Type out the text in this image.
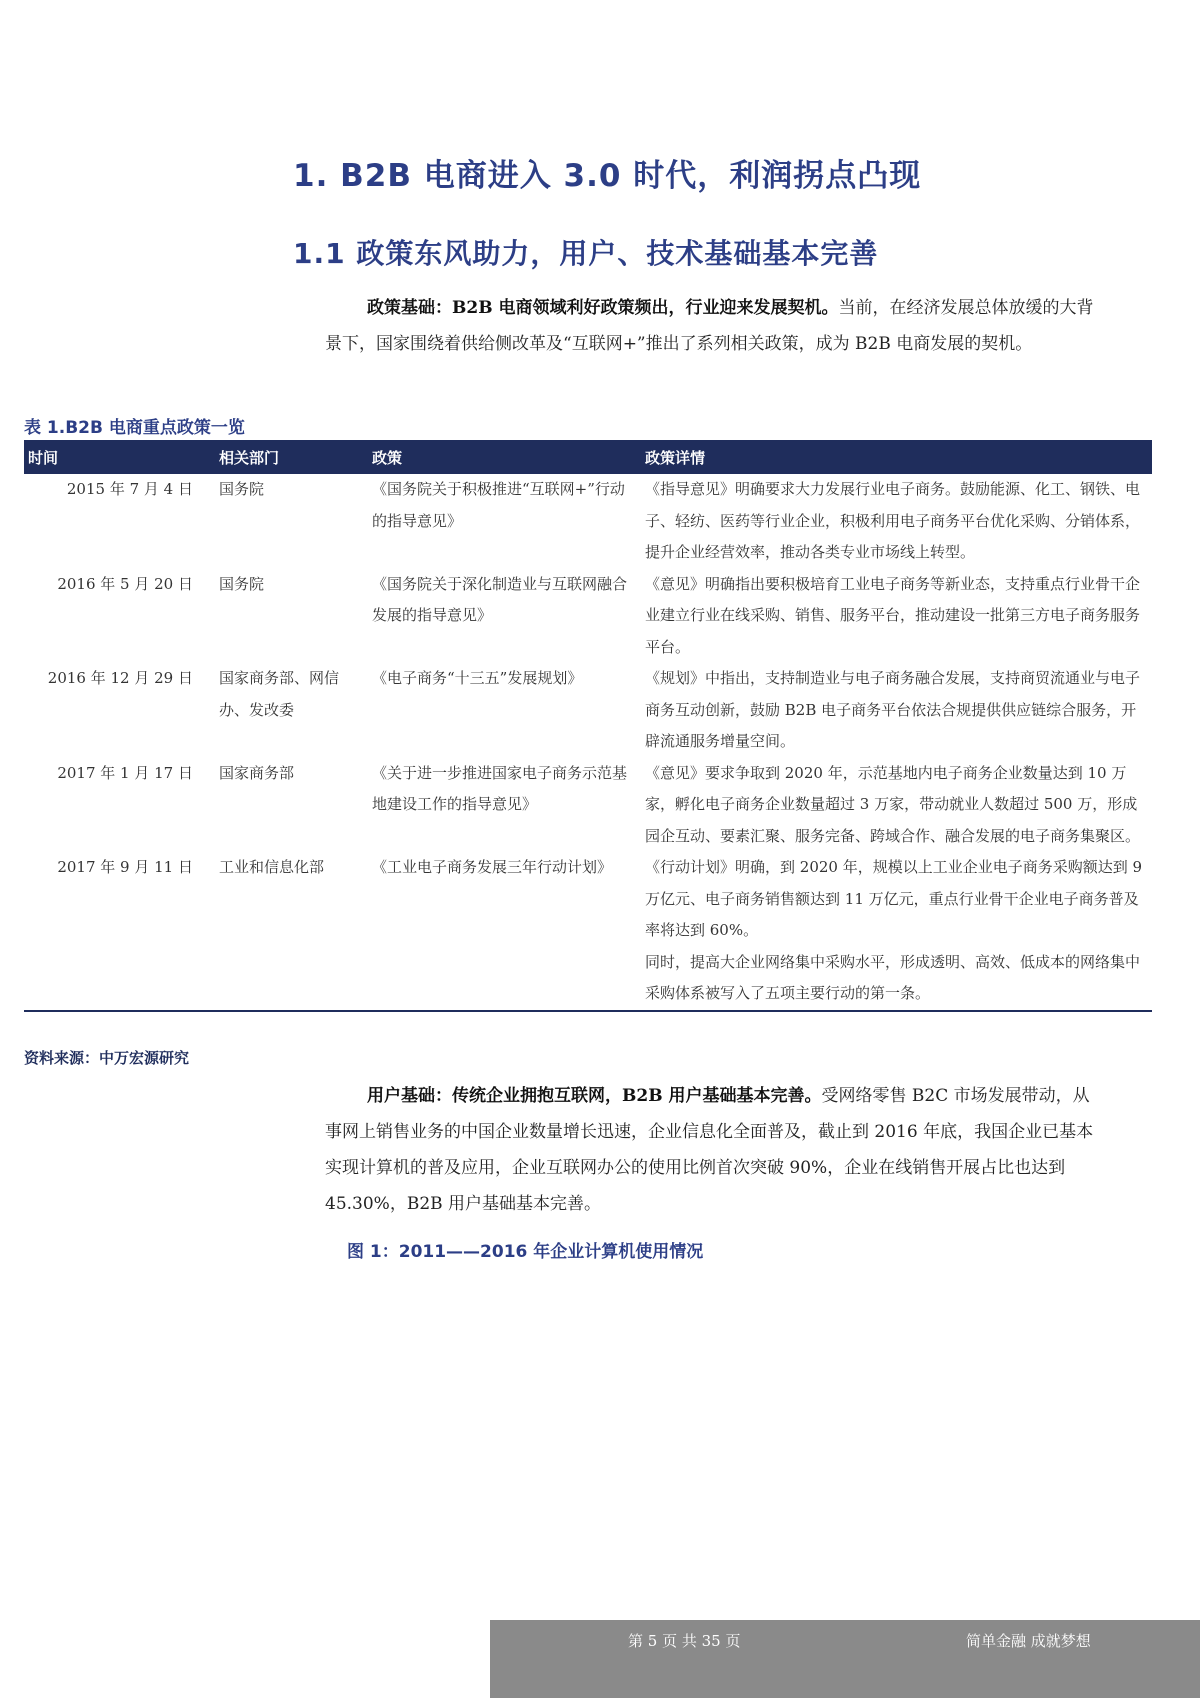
1. B2B 电商进入 3.0 时代，利润拐点凸现
1.1 政策东风助力，用户、技术基础基本完善
政策基础：B2B 电商领域利好政策频出，行业迎来发展契机。当前，在经济发展总体放缓的大背景下，国家围绕着供给侧改革及“互联网+”推出了系列相关政策，成为 B2B 电商发展的契机。
表 1.B2B 电商重点政策一览
时间	相关部门	政策	政策详情
2015 年 7 月 4 日	国务院	《国务院关于积极推进“互联网+”行动的指导意见》	《指导意见》明确要求大力发展行业电子商务。鼓励能源、化工、钢铁、电子、轻纺、医药等行业企业，积极利用电子商务平台优化采购、分销体系，提升企业经营效率，推动各类专业市场线上转型。
2016 年 5 月 20 日	国务院	《国务院关于深化制造业与互联网融合发展的指导意见》	《意见》明确指出要积极培育工业电子商务等新业态，支持重点行业骨干企业建立行业在线采购、销售、服务平台，推动建设一批第三方电子商务服务平台。
2016 年 12 月 29 日	国家商务部、网信办、发改委	《电子商务“十三五”发展规划》	《规划》中指出，支持制造业与电子商务融合发展，支持商贸流通业与电子商务互动创新，鼓励 B2B 电子商务平台依法合规提供供应链综合服务，开辟流通服务增量空间。
2017 年 1 月 17 日	国家商务部	《关于进一步推进国家电子商务示范基地建设工作的指导意见》	《意见》要求争取到 2020 年，示范基地内电子商务企业数量达到 10 万家，孵化电子商务企业数量超过 3 万家，带动就业人数超过 500 万，形成园企互动、要素汇聚、服务完备、跨域合作、融合发展的电子商务集聚区。
2017 年 9 月 11 日	工业和信息化部	《工业电子商务发展三年行动计划》	《行动计划》明确，到 2020 年，规模以上工业企业电子商务采购额达到 9 万亿元、电子商务销售额达到 11 万亿元，重点行业骨干企业电子商务普及率将达到 60%。
同时，提高大企业网络集中采购水平，形成透明、高效、低成本的网络集中采购体系被写入了五项主要行动的第一条。
资料来源：中万宏源研究
用户基础：传统企业拥抱互联网，B2B 用户基础基本完善。受网络零售 B2C 市场发展带动，从事网上销售业务的中国企业数量增长迅速，企业信息化全面普及，截止到 2016 年底，我国企业已基本实现计算机的普及应用，企业互联网办公的使用比例首次突破 90%，企业在线销售开展占比也达到 45.30%，B2B 用户基础基本完善。
图 1：2011——2016 年企业计算机使用情况
第 5 页 共 35 页	简单金融 成就梦想
